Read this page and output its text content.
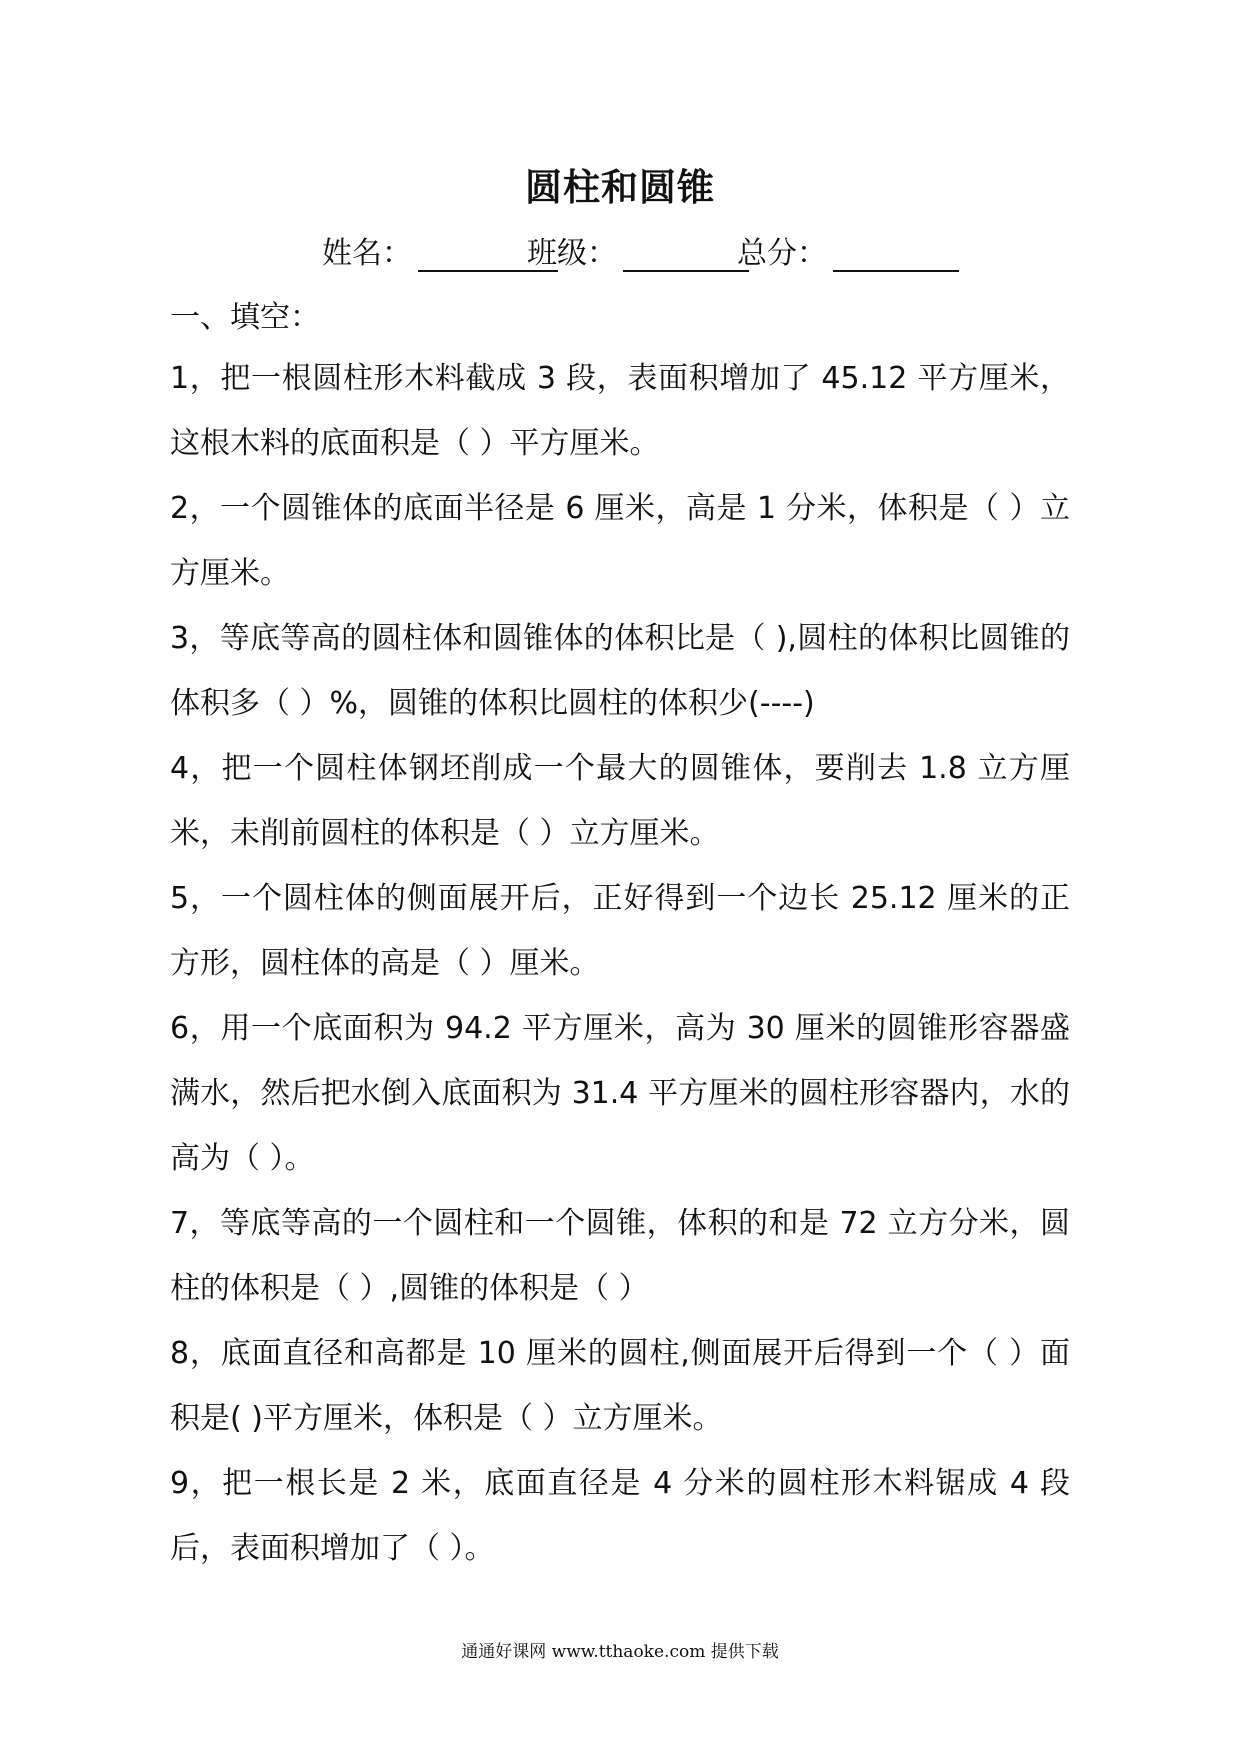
圆柱和圆锥
姓名：	班级：	总分：
一、填空：

1，把一根圆柱形木料截成 3 段，表面积增加了 45.12 平方厘米，这根木料的底面积是（ ）平方厘米。

2，一个圆锥体的底面半径是 6 厘米，高是 1 分米，体积是（ ）立方厘米。

3，等底等高的圆柱体和圆锥体的体积比是（ ),圆柱的体积比圆锥的体积多（ ）%，圆锥的体积比圆柱的体积少(----)

4，把一个圆柱体钢坯削成一个最大的圆锥体，要削去 1.8 立方厘米，未削前圆柱的体积是（ ）立方厘米。

5，一个圆柱体的侧面展开后，正好得到一个边长 25.12 厘米的正方形，圆柱体的高是（ ）厘米。

6，用一个底面积为 94.2 平方厘米，高为 30 厘米的圆锥形容器盛满水，然后把水倒入底面积为 31.4 平方厘米的圆柱形容器内，水的高为（ ）。

7，等底等高的一个圆柱和一个圆锥，体积的和是 72 立方分米，圆柱的体积是（ ）,圆锥的体积是（ ）

8，底面直径和高都是 10 厘米的圆柱,侧面展开后得到一个（ ）面积是( )平方厘米，体积是（ ）立方厘米。

9，把一根长是 2 米，底面直径是 4 分米的圆柱形木料锯成 4 段后，表面积增加了（ ）。

通通好课网 www.tthaoke.com 提供下载
